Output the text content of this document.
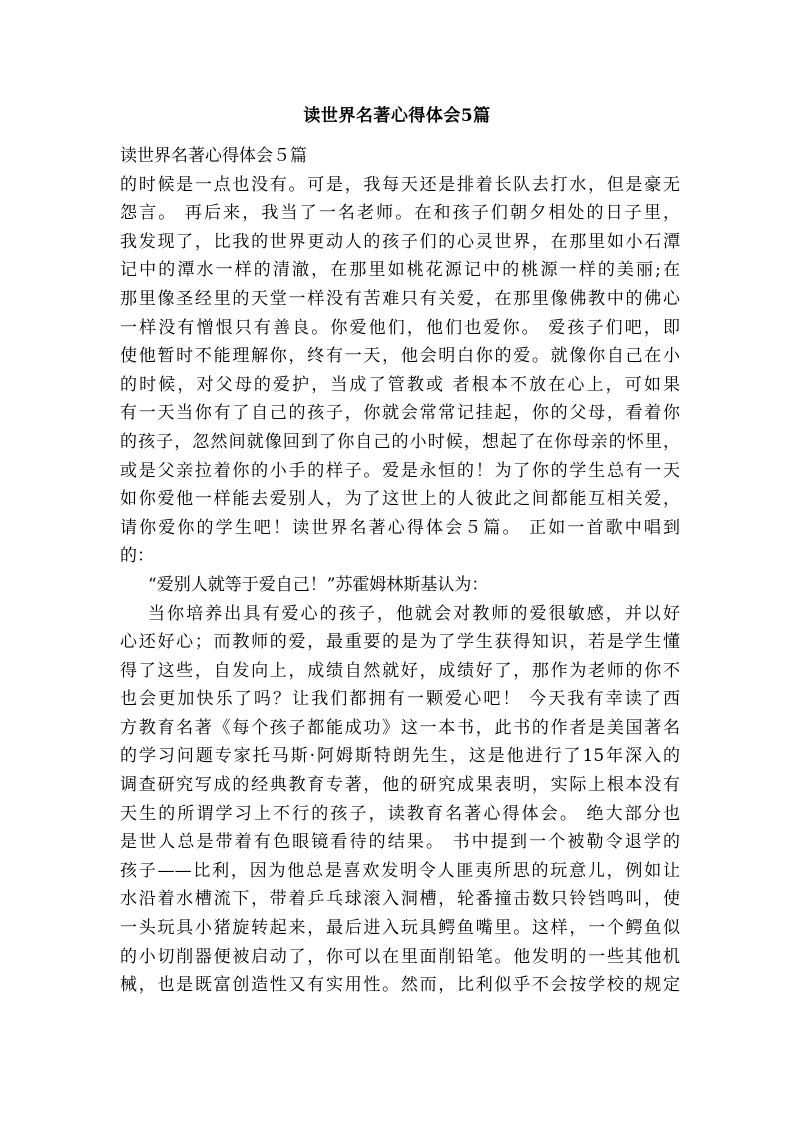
读世界名著心得体会5篇
读世界名著心得体会５篇
的时候是一点也没有。可是，我每天还是排着长队去打水，但是豪无
怨言。 再后来，我当了一名老师。在和孩子们朝夕相处的日子里，
我发现了，比我的世界更动人的孩子们的心灵世界，在那里如小石潭
记中的潭水一样的清澈，在那里如桃花源记中的桃源一样的美丽;在
那里像圣经里的天堂一样没有苦难只有关爱，在那里像佛教中的佛心
一样没有憎恨只有善良。你爱他们，他们也爱你。 爱孩子们吧，即
使他暂时不能理解你，终有一天，他会明白你的爱。就像你自己在小
的时候，对父母的爱护，当成了管教或 者根本不放在心上，可如果
有一天当你有了自己的孩子，你就会常常记挂起，你的父母，看着你
的孩子，忽然间就像回到了你自己的小时候，想起了在你母亲的怀里，
或是父亲拉着你的小手的样子。爱是永恒的！为了你的学生总有一天
如你爱他一样能去爱别人，为了这世上的人彼此之间都能互相关爱，
请你爱你的学生吧！读世界名著心得体会５篇。 正如一首歌中唱到
的：
“爱别人就等于爱自己！”苏霍姆林斯基认为：
当你培养出具有爱心的孩子，他就会对教师的爱很敏感，并以好
心还好心；而教师的爱，最重要的是为了学生获得知识，若是学生懂
得了这些，自发向上，成绩自然就好，成绩好了，那作为老师的你不
也会更加快乐了吗？让我们都拥有一颗爱心吧！ 今天我有幸读了西
方教育名著《每个孩子都能成功》这一本书，此书的作者是美国著名
的学习问题专家托马斯·阿姆斯特朗先生，这是他进行了15年深入的
调查研究写成的经典教育专著，他的研究成果表明，实际上根本没有
天生的所谓学习上不行的孩子，读教育名著心得体会。 绝大部分也
是世人总是带着有色眼镜看待的结果。 书中提到一个被勒令退学的
孩子——比利，因为他总是喜欢发明令人匪夷所思的玩意儿，例如让
水沿着水槽流下，带着乒乓球滚入洞槽，轮番撞击数只铃铛鸣叫，使
一头玩具小猪旋转起来，最后进入玩具鳄鱼嘴里。这样，一个鳄鱼似
的小切削器便被启动了，你可以在里面削铅笔。他发明的一些其他机
械，也是既富创造性又有实用性。然而，比利似乎不会按学校的规定
